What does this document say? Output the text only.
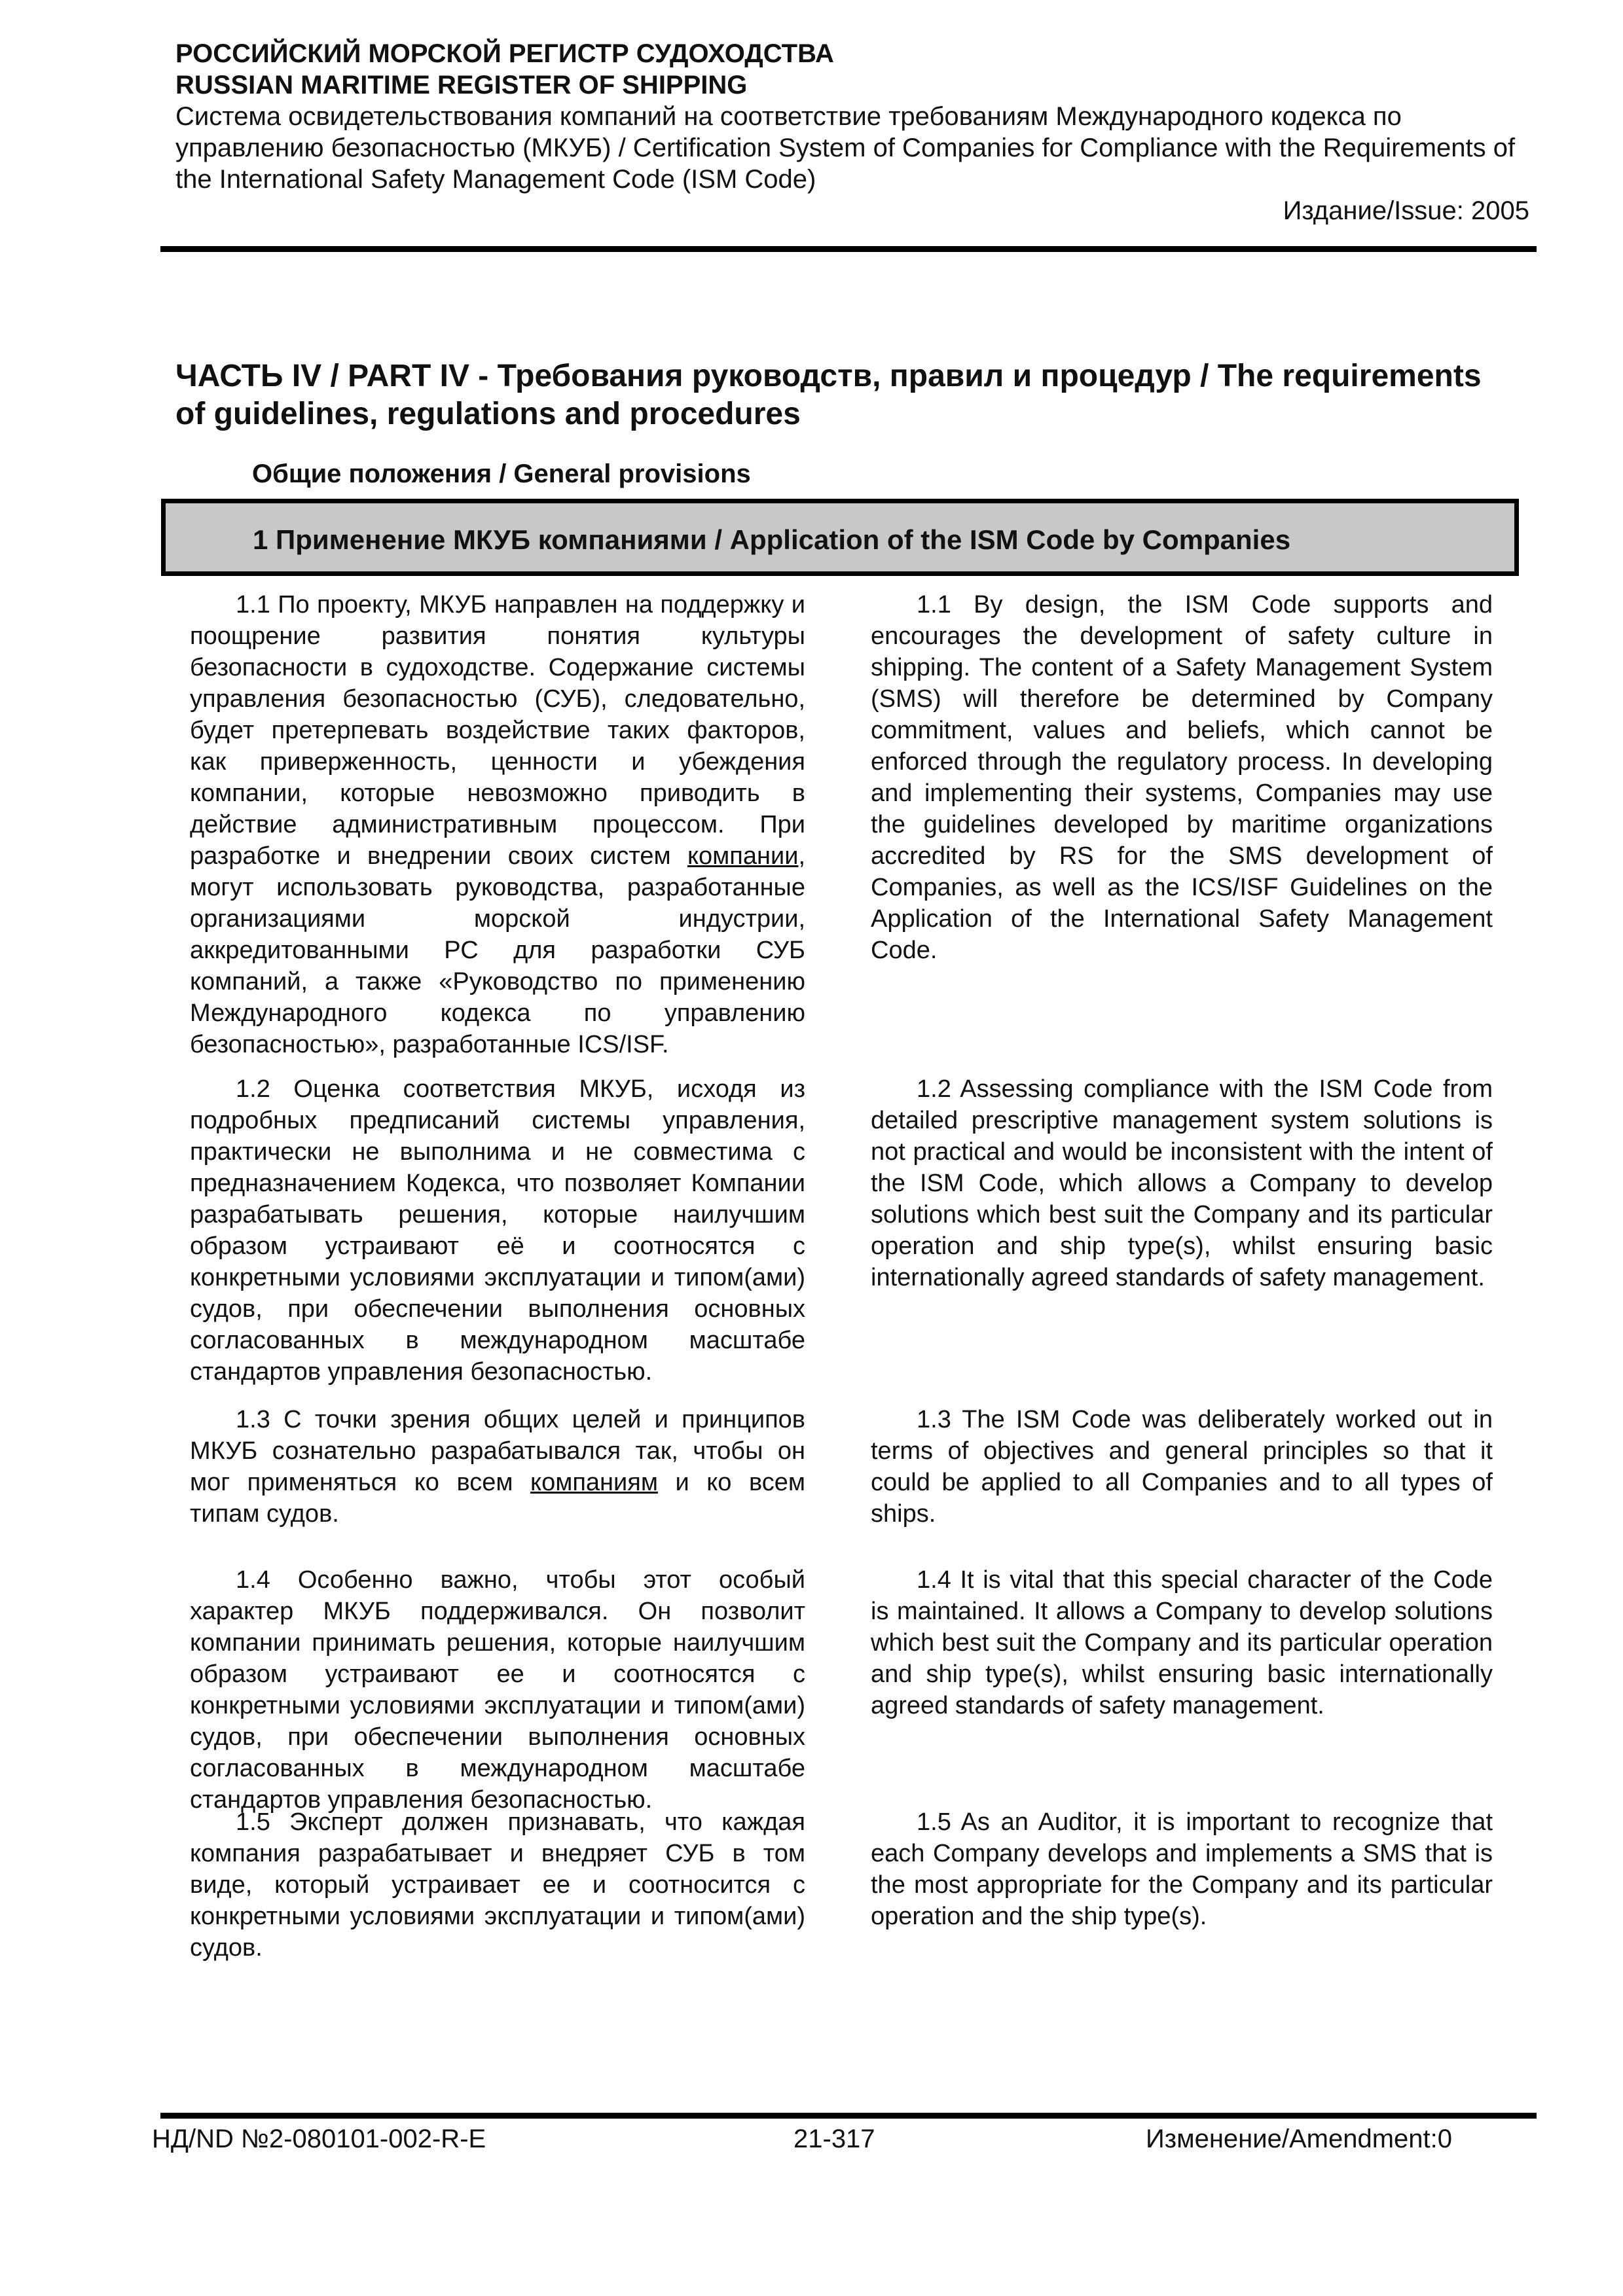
РОССИЙСКИЙ МОРСКОЙ РЕГИСТР СУДОХОДСТВА
RUSSIAN MARITIME REGISTER OF SHIPPING
Система освидетельствования компаний на соответствие требованиям Международного кодекса по управлению безопасностью (МКУБ) / Certification System of Companies for Compliance with the Requirements of the International Safety Management Code (ISM Code)
Издание/Issue: 2005
ЧАСТЬ IV / PART IV - Требования руководств, правил и процедур / The requirements of guidelines, regulations and procedures
Общие положения / General provisions
1 Применение МКУБ компаниями / Application of the ISM Code by Companies

1.1 По проекту, МКУБ направлен на поддержку и поощрение развития понятия культуры безопасности в судоходстве. Содержание системы управления безопасностью (СУБ), следовательно, будет претерпевать воздействие таких факторов, как приверженность, ценности и убеждения компании, которые невозможно приводить в действие административным процессом. При разработке и внедрении своих систем компании, могут использовать руководства, разработанные организациями морской индустрии, аккредитованными РС для разработки СУБ компаний, а также «Руководство по применению Международного кодекса по управлению безопасностью», разработанные ICS/ISF.

1.2 Оценка соответствия МКУБ, исходя из подробных предписаний системы управления, практически не выполнима и не совместима с предназначением Кодекса, что позволяет Компании разрабатывать решения, которые наилучшим образом устраивают её и соотносятся с конкретными условиями эксплуатации и типом(ами) судов, при обеспечении выполнения основных согласованных в международном масштабе стандартов управления безопасностью.

1.3 С точки зрения общих целей и принципов МКУБ сознательно разрабатывался так, чтобы он мог применяться ко всем компаниям и ко всем типам судов.

1.4 Особенно важно, чтобы этот особый характер МКУБ поддерживался. Он позволит компании принимать решения, которые наилучшим образом устраивают ее и соотносятся с конкретными условиями эксплуатации и типом(ами) судов, при обеспечении выполнения основных согласованных в международном масштабе стандартов управления безопасностью.

1.5 Эксперт должен признавать, что каждая компания разрабатывает и внедряет СУБ в том виде, который устраивает ее и соотносится с конкретными условиями эксплуатации и типом(ами) судов.

1.1 By design, the ISM Code supports and encourages the development of safety culture in shipping. The content of a Safety Management System (SMS) will therefore be determined by Company commitment, values and beliefs, which cannot be enforced through the regulatory process. In developing and implementing their systems, Companies may use the guidelines developed by maritime organizations accredited by RS for the SMS development of Companies, as well as the ICS/ISF Guidelines on the Application of the International Safety Management Code.

1.2 Assessing compliance with the ISM Code from detailed prescriptive management system solutions is not practical and would be inconsistent with the intent of the ISM Code, which allows a Company to develop solutions which best suit the Company and its particular operation and ship type(s), whilst ensuring basic internationally agreed standards of safety management.

1.3 The ISM Code was deliberately worked out in terms of objectives and general principles so that it could be applied to all Companies and to all types of ships.

1.4 It is vital that this special character of the Code is maintained. It allows a Company to develop solutions which best suit the Company and its particular operation and ship type(s), whilst ensuring basic internationally agreed standards of safety management.

1.5 As an Auditor, it is important to recognize that each Company develops and implements a SMS that is the most appropriate for the Company and its particular operation and the ship type(s).

НД/ND №2-080101-002-R-E	21-317	Изменение/Amendment:0
